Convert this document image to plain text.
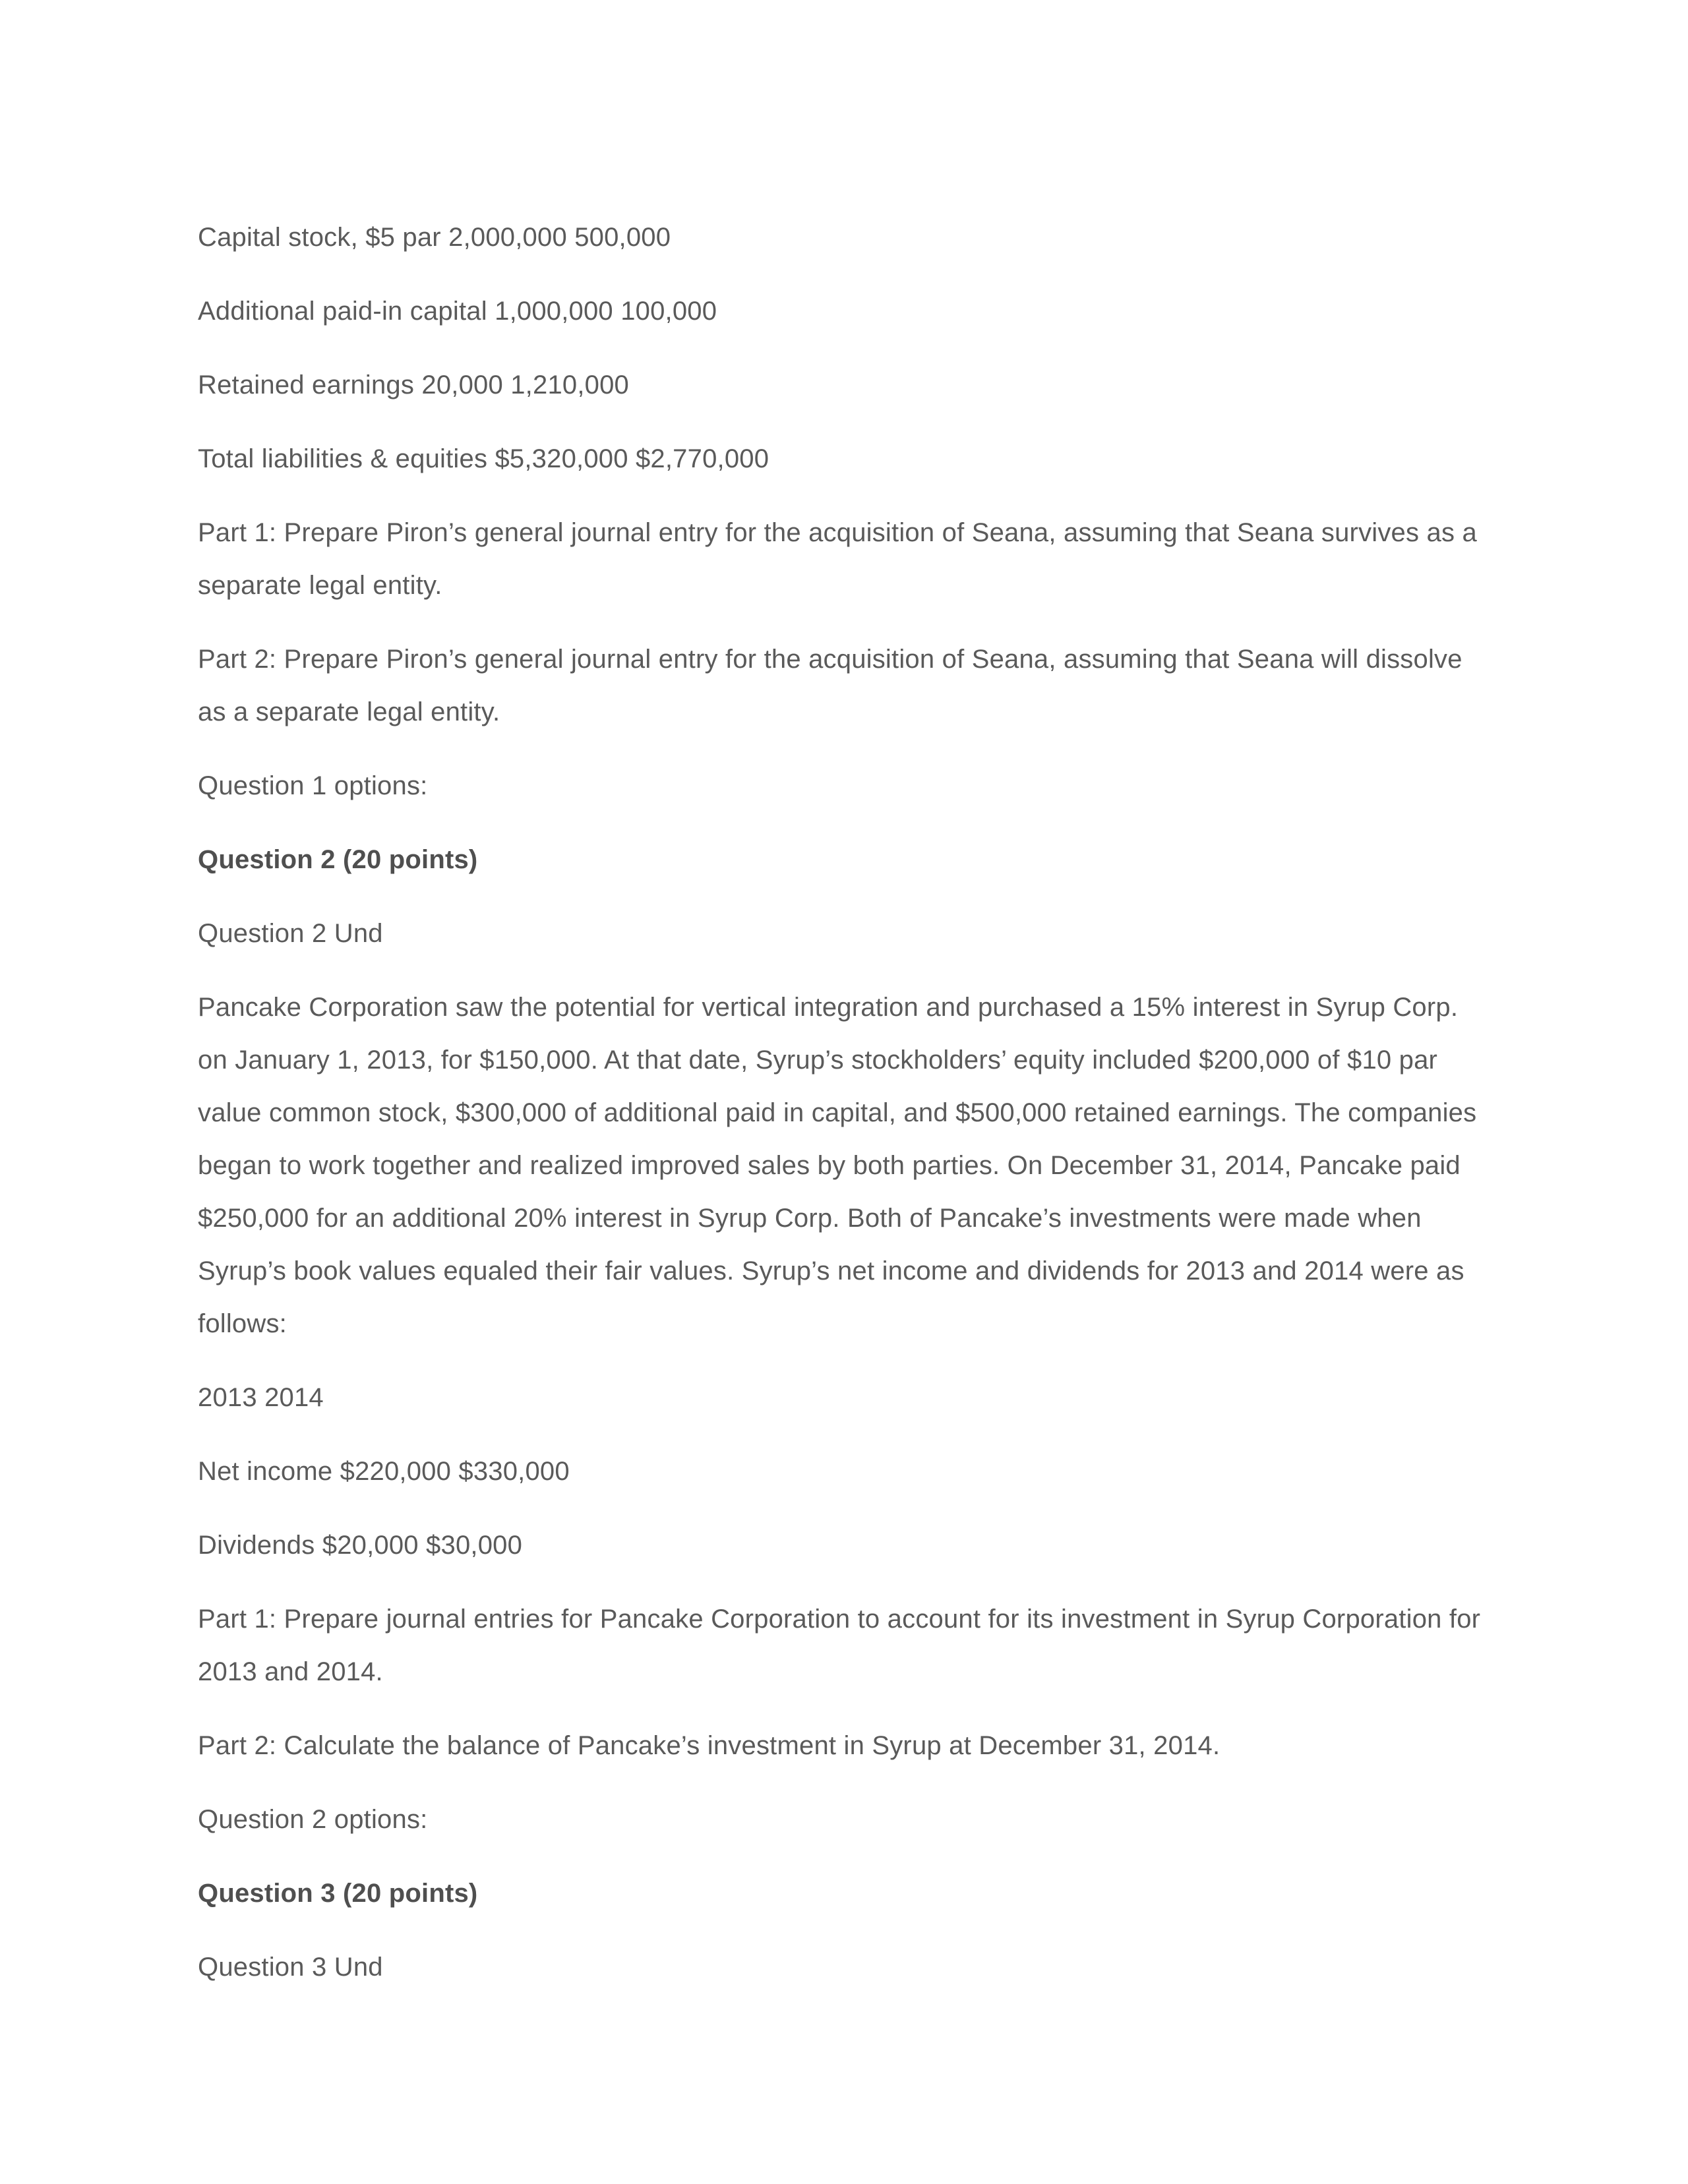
Capital stock, $5 par 2,000,000 500,000

Additional paid-in capital 1,000,000 100,000

Retained earnings 20,000 1,210,000

Total liabilities & equities $5,320,000 $2,770,000

Part 1: Prepare Piron’s general journal entry for the acquisition of Seana, assuming that Seana survives as a separate legal entity.

Part 2: Prepare Piron’s general journal entry for the acquisition of Seana, assuming that Seana will dissolve as a separate legal entity.

Question 1 options:

Question 2 (20 points)

Question 2 Und

Pancake Corporation saw the potential for vertical integration and purchased a 15% interest in Syrup Corp. on January 1, 2013, for $150,000. At that date, Syrup’s stockholders’ equity included $200,000 of $10 par value common stock, $300,000 of additional paid in capital, and $500,000 retained earnings. The companies began to work together and realized improved sales by both parties. On December 31, 2014, Pancake paid $250,000 for an additional 20% interest in Syrup Corp. Both of Pancake’s investments were made when Syrup’s book values equaled their fair values. Syrup’s net income and dividends for 2013 and 2014 were as follows:

2013 2014

Net income $220,000 $330,000

Dividends $20,000 $30,000

Part 1: Prepare journal entries for Pancake Corporation to account for its investment in Syrup Corporation for 2013 and 2014.

Part 2: Calculate the balance of Pancake’s investment in Syrup at December 31, 2014.

Question 2 options:

Question 3 (20 points)

Question 3 Und
